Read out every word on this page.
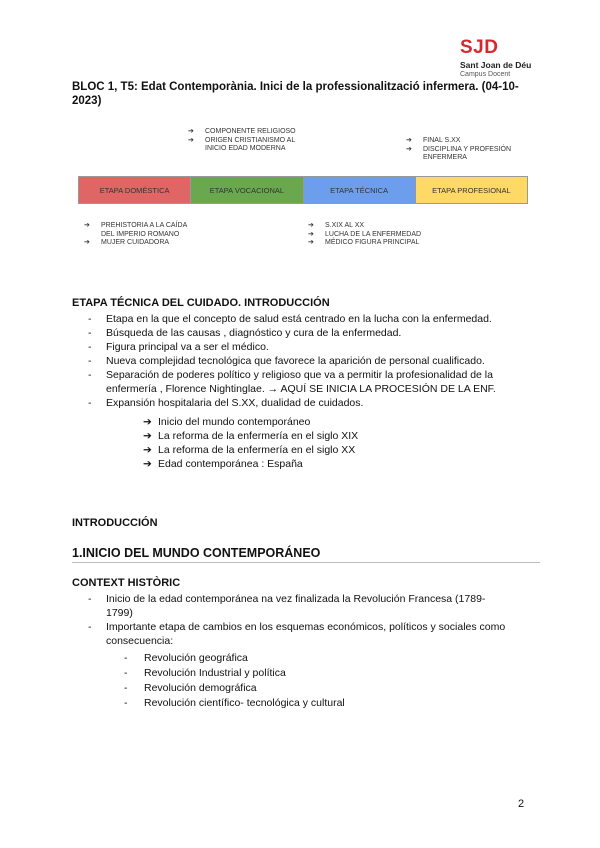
SJD
Sant Joan de Déu
Campus Docent
BLOC 1, T5: Edat Contemporània. Inici de la professionalització infermera. (04-10-2023)
➔	COMPONENTE RELIGIOSO
➔	ORIGEN CRISTIANISMO AL
INICIO EDAD MODERNA
➔	FINAL S.XX
➔	DISCIPLINA Y PROFESIÓN
ENFERMERA
ETAPA DOMÉSTICA	ETAPA VOCACIONAL	ETAPA TÉCNICA	ETAPA PROFESIONAL
➔	PREHISTORIA A LA CAÍDA
DEL IMPERIO ROMANO
➔	MUJER CUIDADORA
➔	S.XIX AL XX
➔	LUCHA DE LA ENFERMEDAD
➔	MÉDICO FIGURA PRINCIPAL
ETAPA TÉCNICA DEL CUIDADO. INTRODUCCIÓN
-	Etapa en la que el concepto de salud está centrado en la lucha con la enfermedad.
-	Búsqueda de las causas , diagnóstico y cura de la enfermedad.
-	Figura principal va a ser el médico.
-	Nueva complejidad tecnológica que favorece la aparición de personal cualificado.
-	Separación de poderes político y religioso que va a permitir la profesionalidad de la enfermería , Florence Nightinglae. → AQUÍ SE INICIA LA PROCESIÓN DE LA ENF.
-	Expansión hospitalaria del S.XX, dualidad de cuidados.
➔ Inicio del mundo contemporáneo
➔ La reforma de la enfermería en el siglo XIX
➔ La reforma de la enfermería en el siglo XX
➔ Edad contemporánea : España
INTRODUCCIÓN
1.INICIO DEL MUNDO CONTEMPORÁNEO
CONTEXT HISTÒRIC
-	Inicio de la edad contemporánea na vez finalizada la Revolución Francesa (1789-1799)
-	Importante etapa de cambios en los esquemas económicos, políticos y sociales como consecuencia:
-	Revolución geográfica
-	Revolución Industrial y política
-	Revolución demográfica
-	Revolución científico- tecnológica y cultural
2
